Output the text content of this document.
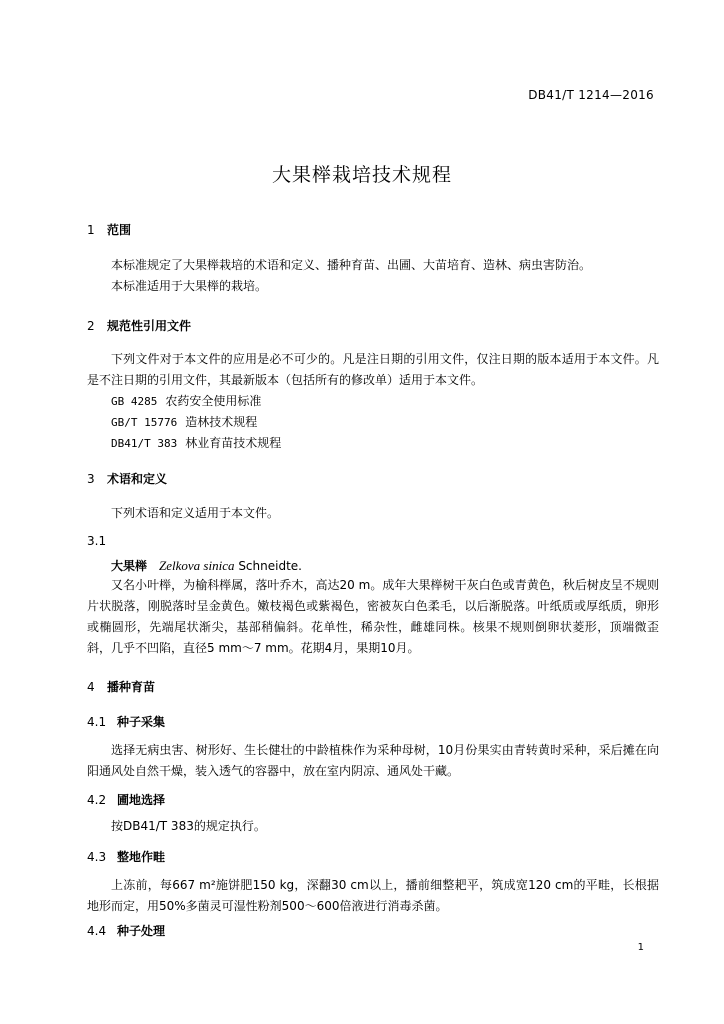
DB41/T 1214—2016
大果榉栽培技术规程
1 范围
本标准规定了大果榉栽培的术语和定义、播种育苗、出圃、大苗培育、造林、病虫害防治。
本标准适用于大果榉的栽培。
2 规范性引用文件
下列文件对于本文件的应用是必不可少的。凡是注日期的引用文件，仅注日期的版本适用于本文件。凡是不注日期的引用文件，其最新版本（包括所有的修改单）适用于本文件。
GB 4285 农药安全使用标准
GB/T 15776 造林技术规程
DB41/T 383 林业育苗技术规程
3 术语和定义
下列术语和定义适用于本文件。
3.1
大果榉 Zelkova sinica Schneidte.
又名小叶榉，为榆科榉属，落叶乔木，高达20 m。成年大果榉树干灰白色或青黄色，秋后树皮呈不规则片状脱落，刚脱落时呈金黄色。嫩枝褐色或紫褐色，密被灰白色柔毛，以后渐脱落。叶纸质或厚纸质，卵形或椭圆形，先端尾状渐尖，基部稍偏斜。花单性，稀杂性，雌雄同株。核果不规则倒卵状菱形，顶端微歪斜，几乎不凹陷，直径5 mm～7 mm。花期4月，果期10月。
4 播种育苗
4.1 种子采集
选择无病虫害、树形好、生长健壮的中龄植株作为采种母树，10月份果实由青转黄时采种，采后摊在向阳通风处自然干燥，装入透气的容器中，放在室内阴凉、通风处干藏。
4.2 圃地选择
按DB41/T 383的规定执行。
4.3 整地作畦
上冻前，每667 m²施饼肥150 kg，深翻30 cm以上，播前细整耙平，筑成宽120 cm的平畦，长根据地形而定，用50%多菌灵可湿性粉剂500～600倍液进行消毒杀菌。
4.4 种子处理
1
